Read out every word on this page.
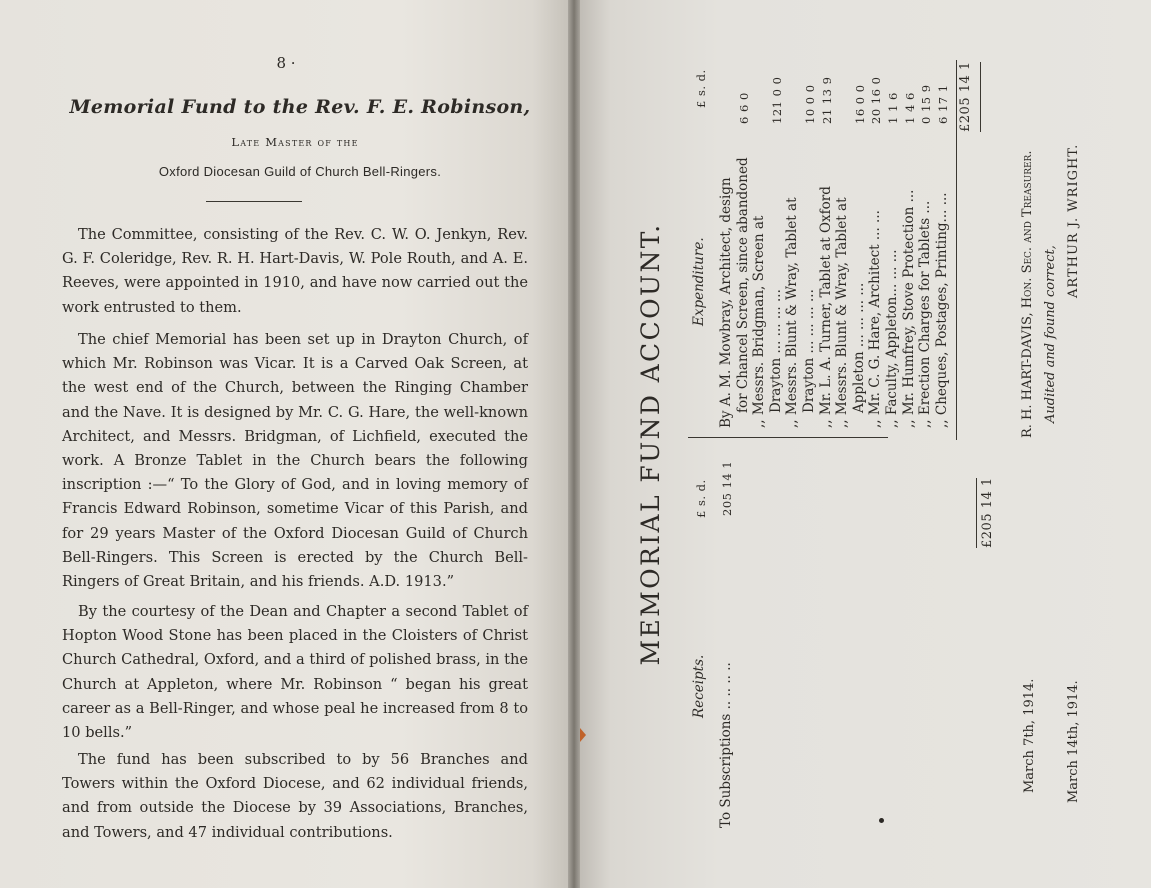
8 ·
Memorial Fund to the Rev. F. E. Robinson,
Late Master of the
Oxford Diocesan Guild of Church Bell-Ringers.
The Committee, consisting of the Rev. C. W. O. Jenkyn, Rev. G. F. Coleridge, Rev. R. H. Hart-Davis, W. Pole Routh, and A. E. Reeves, were appointed in 1910, and have now carried out the work entrusted to them.
The chief Memorial has been set up in Drayton Church, of which Mr. Robinson was Vicar. It is a Carved Oak Screen, at the west end of the Church, between the Ringing Chamber and the Nave. It is designed by Mr. C. G. Hare, the well-known Architect, and Messrs. Bridgman, of Lichfield, executed the work. A Bronze Tablet in the Church bears the following inscription :—“ To the Glory of God, and in loving memory of Francis Edward Robinson, sometime Vicar of this Parish, and for 29 years Master of the Oxford Diocesan Guild of Church Bell-Ringers. This Screen is erected by the Church Bell-Ringers of Great Britain, and his friends. A.D. 1913.”
By the courtesy of the Dean and Chapter a second Tablet of Hopton Wood Stone has been placed in the Cloisters of Christ Church Cathedral, Oxford, and a third of polished brass, in the Church at Appleton, where Mr. Robinson “ began his great career as a Bell-Ringer, and whose peal he increased from 8 to 10 bells.”
The fund has been subscribed to by 56 Branches and Towers within the Oxford Diocese, and 62 individual friends, and from outside the Diocese by 39 Associations, Branches, and Towers, and 47 individual contributions.
MEMORIAL FUND ACCOUNT.
Receipts.
Expenditure.
£ s. d.
£ s. d.
To Subscriptions .. .. .. ..
205 14 1
By A. M. Mowbray, Architect, design for Chancel Screen, since abandoned
6 6 0
,, Messrs. Bridgman, Screen at Drayton ... ... ... ...
121 0 0
,, Messrs. Blunt & Wray, Tablet at Drayton ... ... ... ...
10 0 0
,, Mr. L. A. Turner, Tablet at Oxford
21 13 9
,, Messrs. Blunt & Wray, Tablet at Appleton ... ... ... ...
16 0 0
,, Mr. C. G. Hare, Architect ... ...
20 16 0
,, Faculty, Appleton... ... ...
1 1 6
,, Mr. Humfrey, Stove Protection ...
1 4 6
,, Erection Charges for Tablets ...
0 15 9
,, Cheques, Postages, Printing... ...
6 17 1
£205 14 1
£205 14 1
R. H. HART-DAVIS, Hon. Sec. and Treasurer. Audited and found correct,
ARTHUR J. WRIGHT.
March 7th, 1914. March 14th, 1914.
